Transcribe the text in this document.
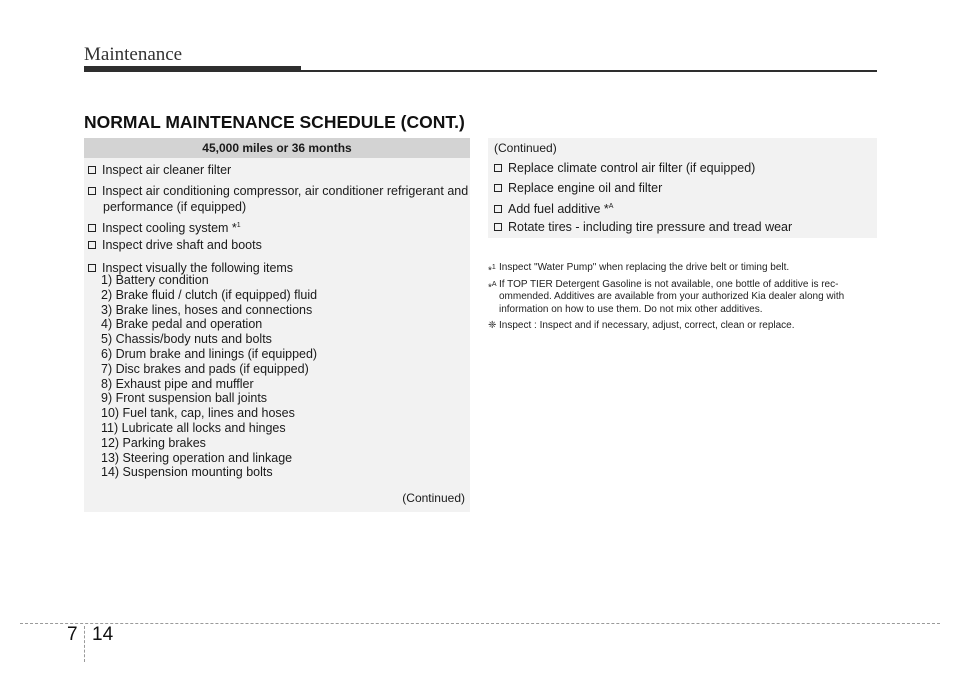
Maintenance
NORMAL MAINTENANCE SCHEDULE (CONT.)
45,000 miles or 36 months
Inspect air cleaner filter
Inspect air conditioning compressor, air conditioner refrigerant and performance (if equipped)
Inspect cooling system *$^1$
Inspect drive shaft and boots
Inspect visually the following items
1) Battery condition
2) Brake fluid / clutch (if equipped) fluid
3) Brake lines, hoses and connections
4) Brake pedal and operation
5) Chassis/body nuts and bolts
6) Drum brake and linings (if equipped)
7) Disc brakes and pads (if equipped)
8) Exhaust pipe and muffler
9) Front suspension ball joints
10) Fuel tank, cap, lines and hoses
11) Lubricate all locks and hinges
12) Parking brakes
13) Steering operation and linkage
14) Suspension mounting bolts
(Continued)
(Continued)
Replace climate control air filter (if equipped)
Replace engine oil and filter
Add fuel additive *$^A$
Rotate tires - including tire pressure and tread wear
*$^1$ Inspect "Water Pump" when replacing the drive belt or timing belt.
*$^A$ If TOP TIER Detergent Gasoline is not available, one bottle of additive is rec-ommended. Additives are available from your authorized Kia dealer along with information on how to use them. Do not mix other additives.
❈ Inspect : Inspect and if necessary, adjust, correct, clean or replace.
7 14
